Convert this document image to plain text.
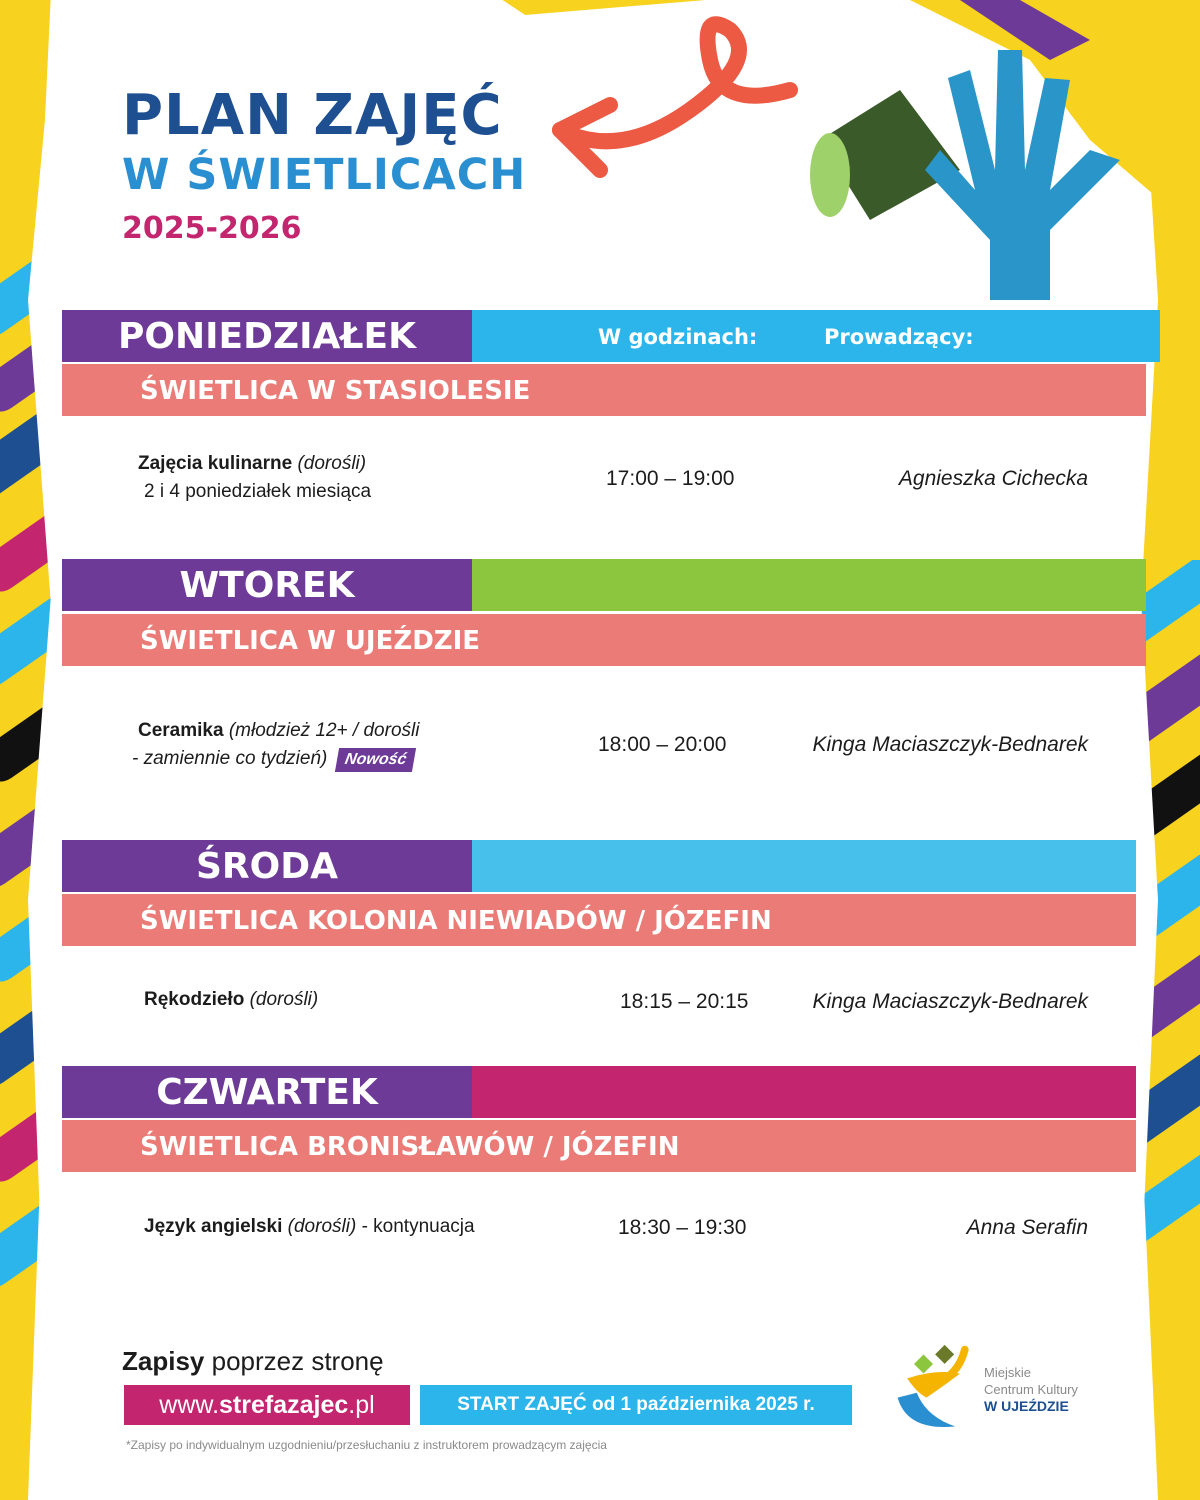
PLAN ZAJĘĆ
W ŚWIETLICACH
2025-2026
PONIEDZIAŁEK	W godzinach:	Prowadzący:
ŚWIETLICA W STASIOLESIE
Zajęcia kulinarne (dorośli)
2 i 4 poniedziałek miesiąca
17:00 – 19:00	Agnieszka Cichecka
WTOREK
ŚWIETLICA W UJEŹDZIE
Ceramika (młodzież 12+ / dorośli
- zamiennie co tydzień) Nowość
18:00 – 20:00	Kinga Maciaszczyk-Bednarek
ŚRODA
ŚWIETLICA KOLONIA NIEWIADÓW / JÓZEFIN
Rękodzieło (dorośli)	18:15 – 20:15	Kinga Maciaszczyk-Bednarek
CZWARTEK
ŚWIETLICA BRONISŁAWÓW / JÓZEFIN
Język angielski (dorośli) - kontynuacja	18:30 – 19:30	Anna Serafin
Zapisy poprzez stronę
www.strefazajec.pl	START ZAJĘĆ od 1 października 2025 r.
*Zapisy po indywidualnym uzgodnieniu/przesłuchaniu z instruktorem prowadzącym zajęcia
Miejskie
Centrum Kultury
W UJEŹDZIE
